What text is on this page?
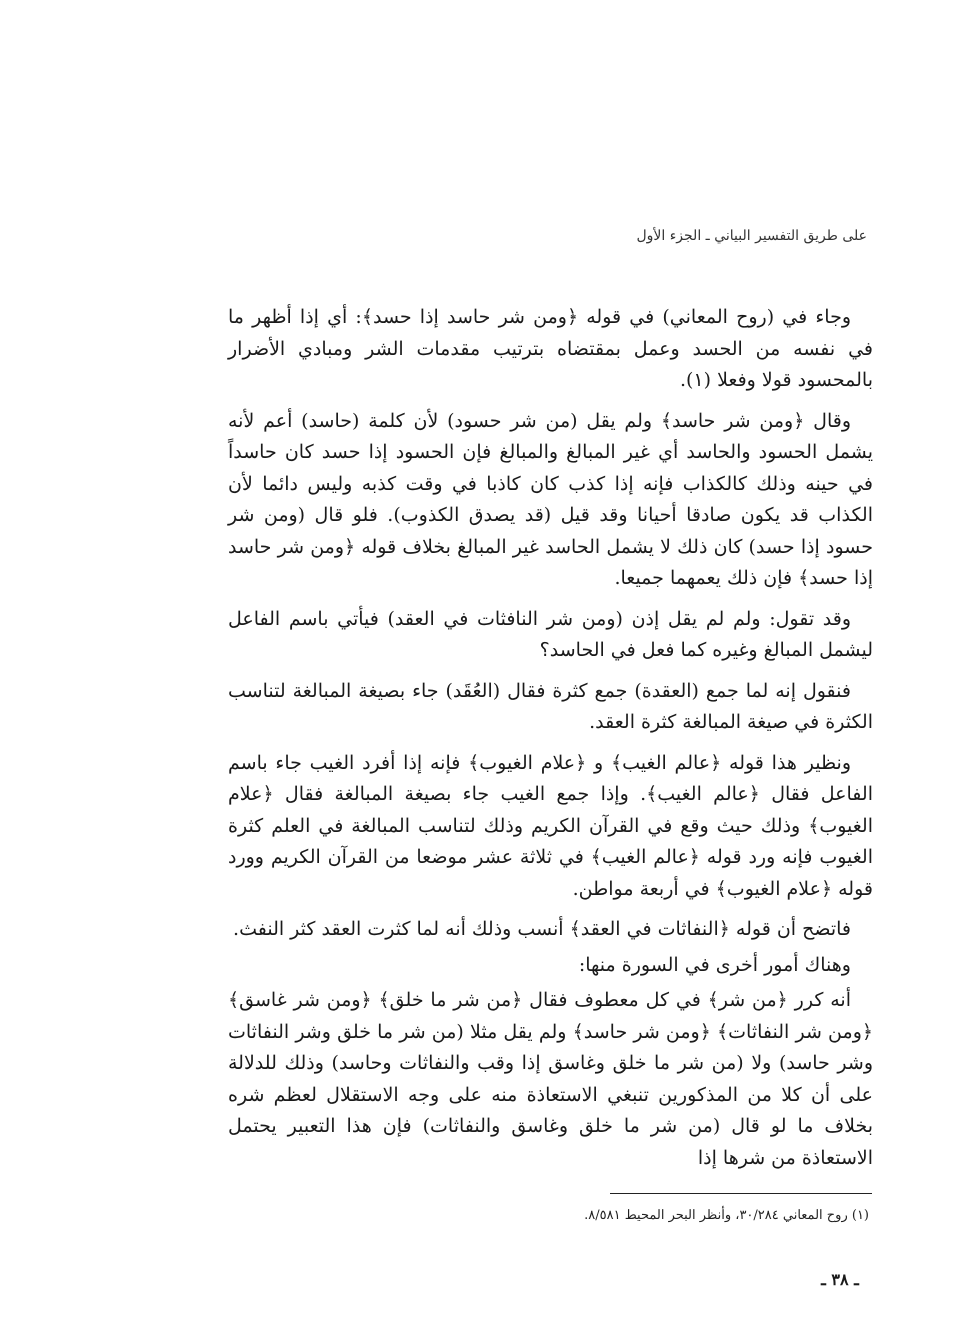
على طريق التفسير البياني ـ الجزء الأول

وجاء في (روح المعاني) في قوله ﴿ومن شر حاسد إذا حسد﴾: أي إذا أظهر ما في نفسه من الحسد وعمل بمقتضاه بترتيب مقدمات الشر ومبادي الأضرار بالمحسود قولا وفعلا (١).

وقال ﴿ومن شر حاسد﴾ ولم يقل (من شر حسود) لأن كلمة (حاسد) أعم لأنه يشمل الحسود والحاسد أي غير المبالغ والمبالغ فإن الحسود إذا حسد كان حاسداً في حينه وذلك كالكذاب فإنه إذا كذب كان كاذبا في وقت كذبه وليس دائما لأن الكذاب قد يكون صادقا أحيانا وقد قيل (قد يصدق الكذوب). فلو قال (ومن شر حسود إذا حسد) كان ذلك لا يشمل الحاسد غير المبالغ بخلاف قوله ﴿ومن شر حاسد إذا حسد﴾ فإن ذلك يعمهما جميعا.

وقد تقول: ولم لم يقل إذن (ومن شر النافثات في العقد) فيأتي باسم الفاعل ليشمل المبالغ وغيره كما فعل في الحاسد؟

فنقول إنه لما جمع (العقدة) جمع كثرة فقال (العُقَد) جاء بصيغة المبالغة لتناسب الكثرة في صيغة المبالغة كثرة العقد.

ونظير هذا قوله ﴿عالم الغيب﴾ و ﴿علام الغيوب﴾ فإنه إذا أفرد الغيب جاء باسم الفاعل فقال ﴿عالم الغيب﴾. وإذا جمع الغيب جاء بصيغة المبالغة فقال ﴿علام الغيوب﴾ وذلك حيث وقع في القرآن الكريم وذلك لتناسب المبالغة في العلم كثرة الغيوب فإنه ورد قوله ﴿عالم الغيب﴾ في ثلاثة عشر موضعا من القرآن الكريم وورد قوله ﴿علام الغيوب﴾ في أربعة مواطن.

فاتضح أن قوله ﴿النفاثات في العقد﴾ أنسب وذلك أنه لما كثرت العقد كثر النفث.

وهناك أمور أخرى في السورة منها:

أنه كرر ﴿من شر﴾ في كل معطوف فقال ﴿من شر ما خلق﴾ ﴿ومن شر غاسق﴾ ﴿ومن شر النفاثات﴾ ﴿ومن شر حاسد﴾ ولم يقل مثلا (من شر ما خلق وشر النفاثات وشر حاسد) ولا (من شر ما خلق وغاسق إذا وقب والنفاثات وحاسد) وذلك للدلالة على أن كلا من المذكورين تنبغي الاستعاذة منه على وجه الاستقلال لعظم شره بخلاف ما لو قال (من شر ما خلق وغاسق والنفاثات) فإن هذا التعبير يحتمل الاستعاذة من شرها إذا

(١) روح المعاني ٣٠/٢٨٤، وأنظر البحر المحيط ٨/٥٨١.
ـ ٣٨ ـ
